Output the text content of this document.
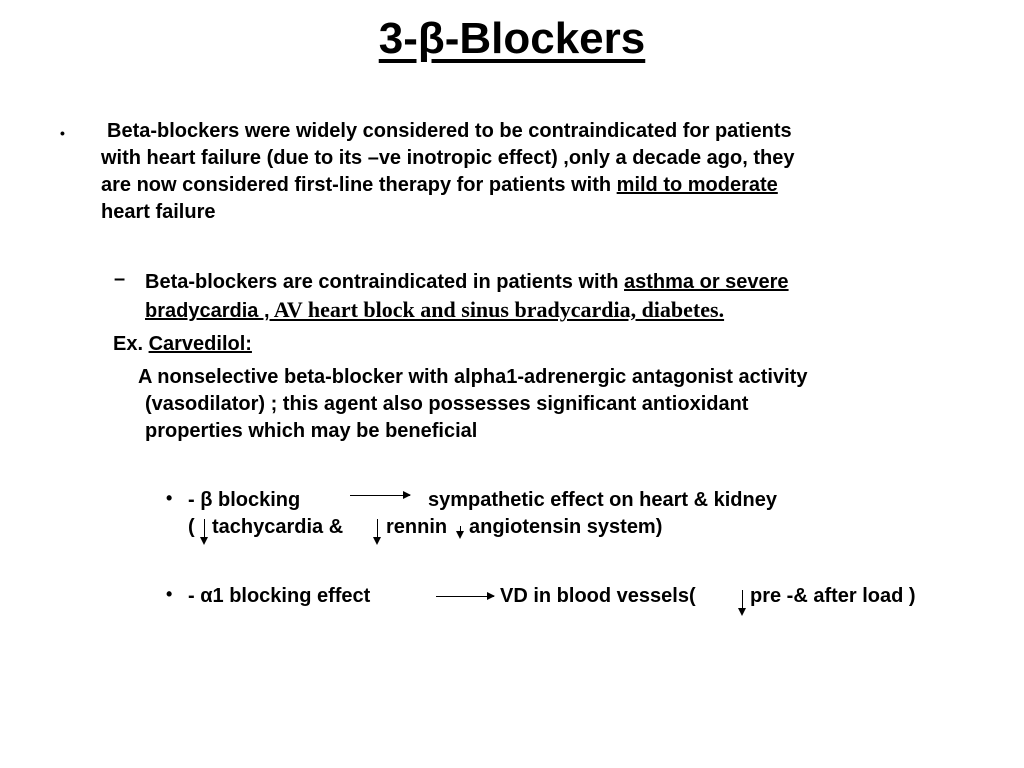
3-β-Blockers
•	Beta-blockers were widely considered to be contraindicated for patients
with heart failure (due to its –ve inotropic effect) ,only a decade ago, they
are now considered first-line therapy for patients with mild to moderate
heart failure
– Beta-blockers are contraindicated in patients with asthma or severe
bradycardia , AV heart block and sinus bradycardia, diabetes.
Ex. Carvedilol:
A nonselective beta-blocker with alpha1-adrenergic antagonist activity
(vasodilator) ; this agent also possesses significant antioxidant
properties which may be beneficial
• - β blocking	sympathetic effect on heart & kidney
( tachycardia & rennin angiotensin system)
• - α1 blocking effect	VD in blood vessels(	pre -& after load )
